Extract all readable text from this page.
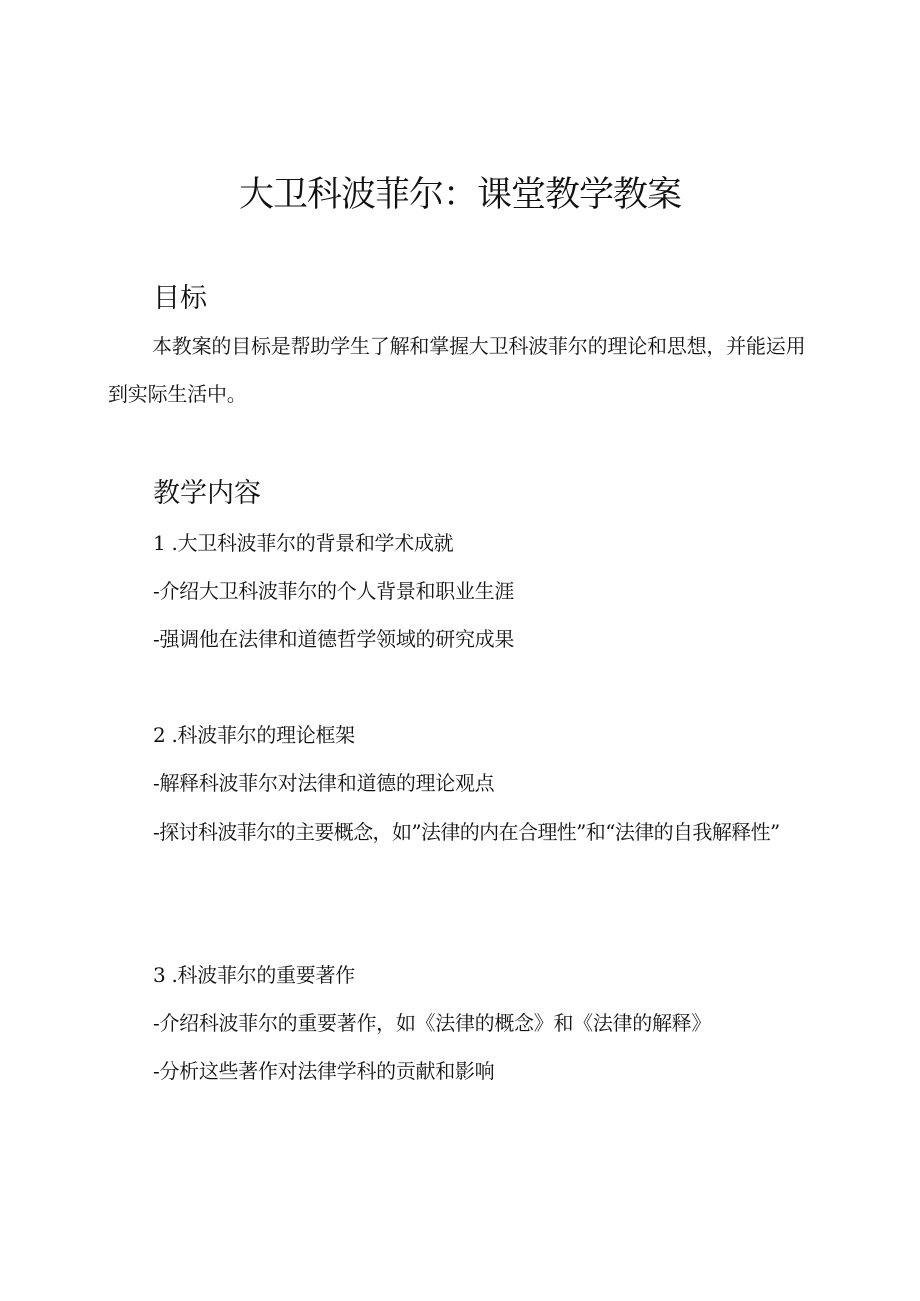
大卫科波菲尔：课堂教学教案
目标

本教案的目标是帮助学生了解和掌握大卫科波菲尔的理论和思想，并能运用到实际生活中。

教学内容

1 .大卫科波菲尔的背景和学术成就

-介绍大卫科波菲尔的个人背景和职业生涯

-强调他在法律和道德哲学领域的研究成果

2 .科波菲尔的理论框架

-解释科波菲尔对法律和道德的理论观点

-探讨科波菲尔的主要概念，如”法律的内在合理性”和“法律的自我解释性”

3 .科波菲尔的重要著作

-介绍科波菲尔的重要著作，如《法律的概念》和《法律的解释》

-分析这些著作对法律学科的贡献和影响
